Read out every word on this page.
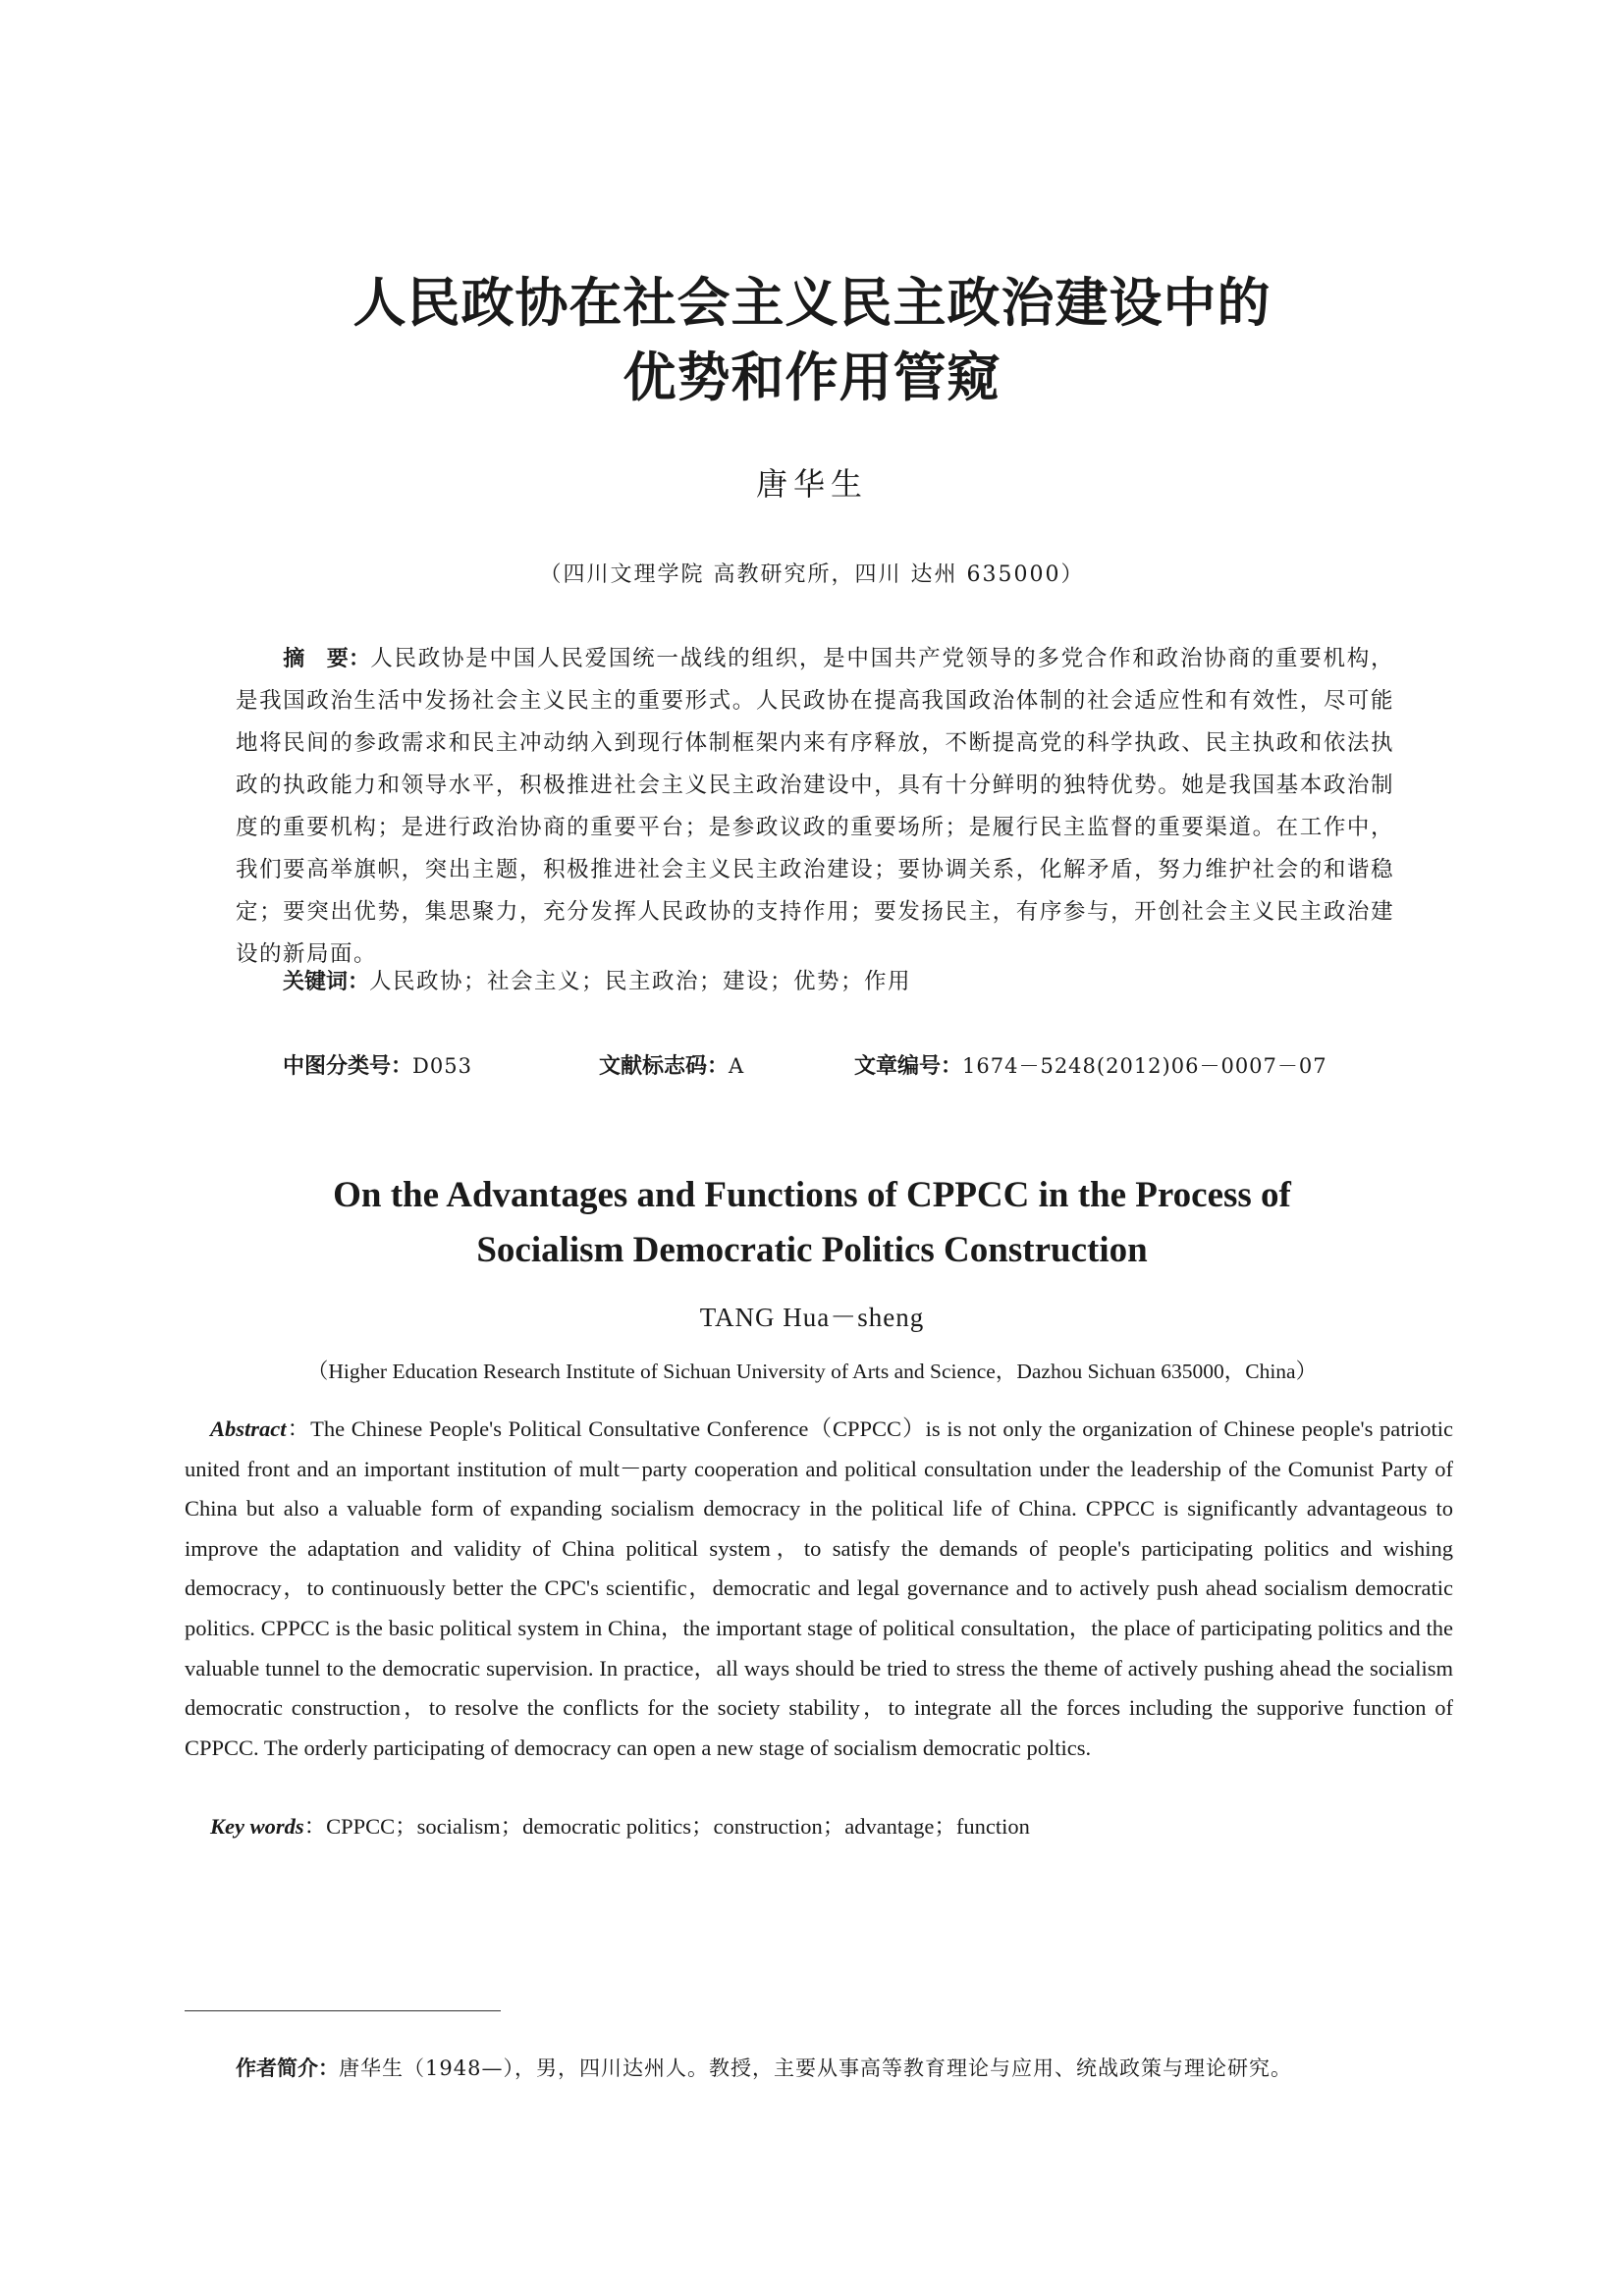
人民政协在社会主义民主政治建设中的
优势和作用管窥
唐华生
（四川文理学院 高教研究所，四川 达州 635000）
摘　要：人民政协是中国人民爱国统一战线的组织，是中国共产党领导的多党合作和政治协商的重要机构，是我国政治生活中发扬社会主义民主的重要形式。人民政协在提高我国政治体制的社会适应性和有效性，尽可能地将民间的参政需求和民主冲动纳入到现行体制框架内来有序释放，不断提高党的科学执政、民主执政和依法执政的执政能力和领导水平，积极推进社会主义民主政治建设中，具有十分鲜明的独特优势。她是我国基本政治制度的重要机构；是进行政治协商的重要平台；是参政议政的重要场所；是履行民主监督的重要渠道。在工作中，我们要高举旗帜，突出主题，积极推进社会主义民主政治建设；要协调关系，化解矛盾，努力维护社会的和谐稳定；要突出优势，集思聚力，充分发挥人民政协的支持作用；要发扬民主，有序参与，开创社会主义民主政治建设的新局面。
关键词：人民政协；社会主义；民主政治；建设；优势；作用
中图分类号：D053	文献标志码：A	文章编号：1674－5248(2012)06－0007－07
On the Advantages and Functions of CPPCC in the Process of
Socialism Democratic Politics Construction
TANG Hua－sheng
（Higher Education Research Institute of Sichuan University of Arts and Science，Dazhou Sichuan 635000，China）
Abstract：The Chinese People's Political Consultative Conference（CPPCC）is is not only the organization of Chinese people's patriotic united front and an important institution of mult－party cooperation and political consultation under the leadership of the Comunist Party of China but also a valuable form of expanding socialism democracy in the political life of China. CPPCC is significantly advantageous to improve the adaptation and validity of China political system，to satisfy the demands of people's participating politics and wishing democracy，to continuously better the CPC's scientific，democratic and legal governance and to actively push ahead socialism democratic politics. CPPCC is the basic political system in China，the important stage of political consultation，the place of participating politics and the valuable tunnel to the democratic supervision. In practice，all ways should be tried to stress the theme of actively pushing ahead the socialism democratic construction，to resolve the conflicts for the society stability，to integrate all the forces including the supporive function of CPPCC. The orderly participating of democracy can open a new stage of socialism democratic poltics.
Key words：CPPCC；socialism；democratic politics；construction；advantage；function
作者简介：唐华生（1948—），男，四川达州人。教授，主要从事高等教育理论与应用、统战政策与理论研究。
